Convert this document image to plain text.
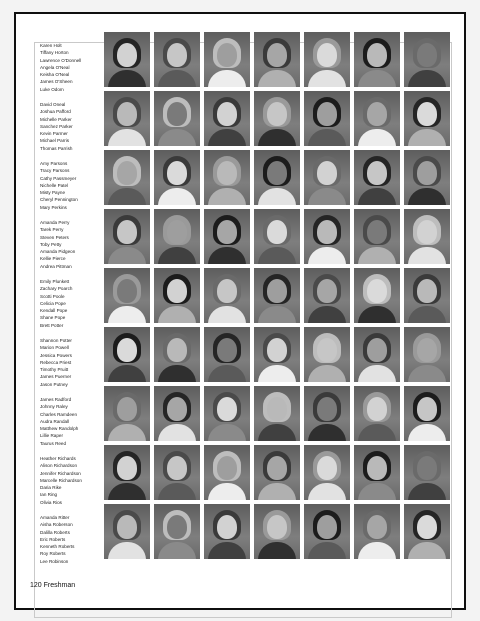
Karen Holt
Tiffany Horton
Lawrence O'Donnell
Angela O'Neal
Keisha O'Neal
James O'Sheen
Luke Odom
David Oneal
Joshua Pafford
Michelle Parker
Sanchez Parker
Kevin Parmer
Michael Parris
Thomas Parrish
Amy Parsons
Tracy Parsons
Cathy Passmeyer
Nichelle Patel
Misty Payne
Cheryl Pennington
Mary Perkins
Amanda Perry
Tarek Perry
Steven Peters
Toby Petty
Amanda Pidgeon
Kellie Pierce
Andrea Pittman
Emily Plunkett
Zachary Poarch
Scotti Poole
Celicia Pope
Kendall Pope
Shane Pope
Brett Potter
Shannon Potter
Marion Powell
Jessica Powers
Rebecca Priest
Timothy Pruitt
James Puerner
Jason Putney
James Radford
Johnny Raley
Charles Ramdeen
Audra Randall
Matthew Randolph
Lillie Raper
Taurus Reed
Heather Richards
Alison Richardson
Jennifer Richardson
Marcelle Richardson
Daria Rike
Ian Ring
Olivia Rios
Amanda Ritter
Aisha Roberson
Dalilla Roberts
Eric Roberts
Kenneth Roberts
Roy Roberts
Lee Robinson
120 Freshman
